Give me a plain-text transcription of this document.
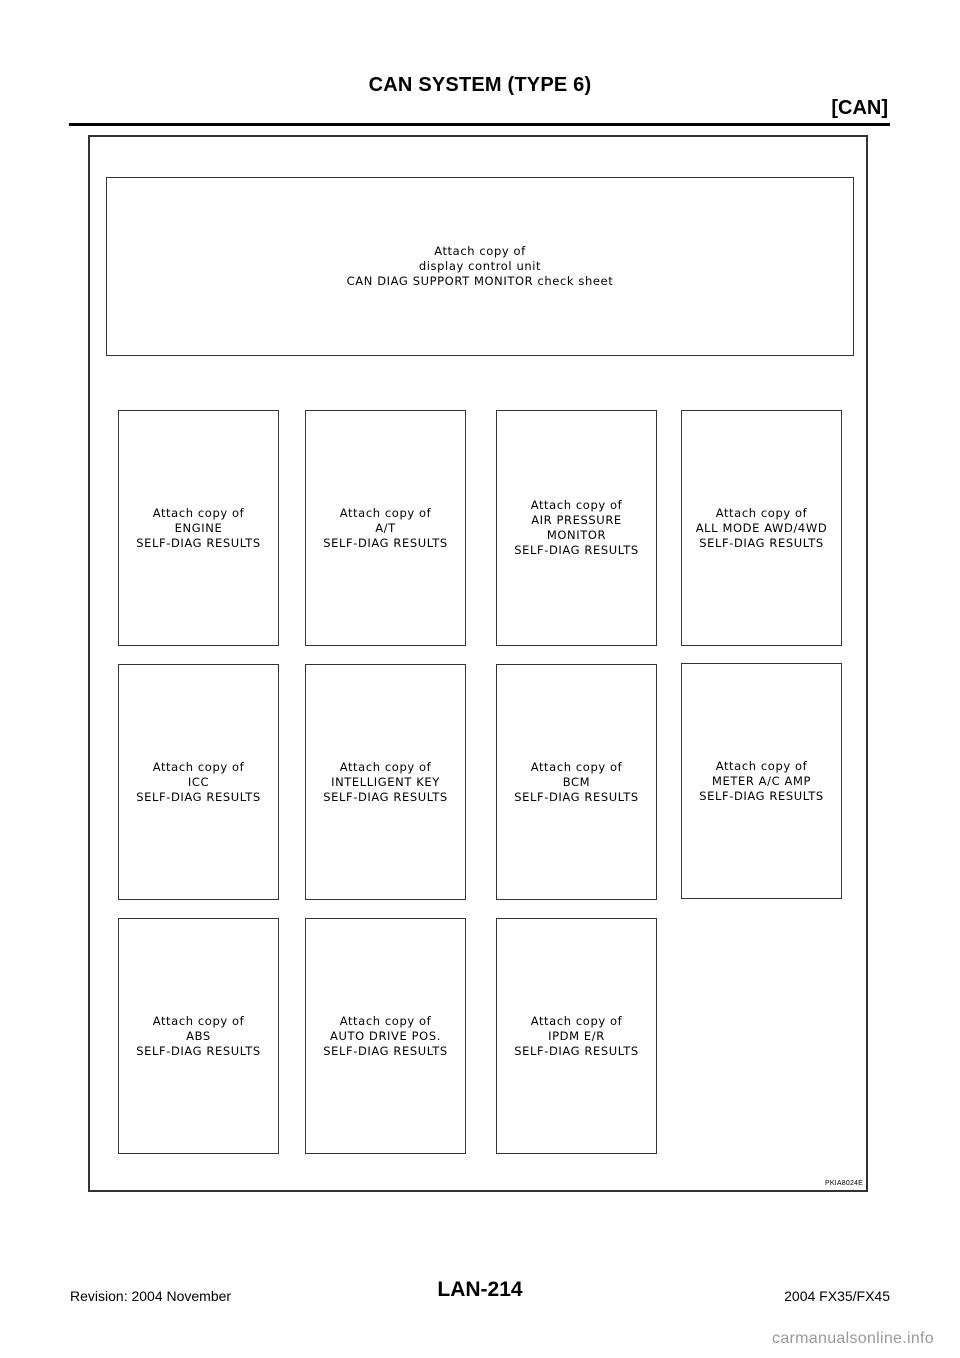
CAN SYSTEM (TYPE 6)
[CAN]
Attach copy of
display control unit
CAN DIAG SUPPORT MONITOR check sheet
Attach copy of
ENGINE
SELF-DIAG RESULTS
Attach copy of
A/T
SELF-DIAG RESULTS
Attach copy of
AIR PRESSURE
MONITOR
SELF-DIAG RESULTS
Attach copy of
ALL MODE AWD/4WD
SELF-DIAG RESULTS
Attach copy of
ICC
SELF-DIAG RESULTS
Attach copy of
INTELLIGENT KEY
SELF-DIAG RESULTS
Attach copy of
BCM
SELF-DIAG RESULTS
Attach copy of
METER A/C AMP
SELF-DIAG RESULTS
Attach copy of
ABS
SELF-DIAG RESULTS
Attach copy of
AUTO DRIVE POS.
SELF-DIAG RESULTS
Attach copy of
IPDM E/R
SELF-DIAG RESULTS
PKIA8024E
Revision: 2004 November	LAN-214	2004 FX35/FX45
carmanualsonline.info
